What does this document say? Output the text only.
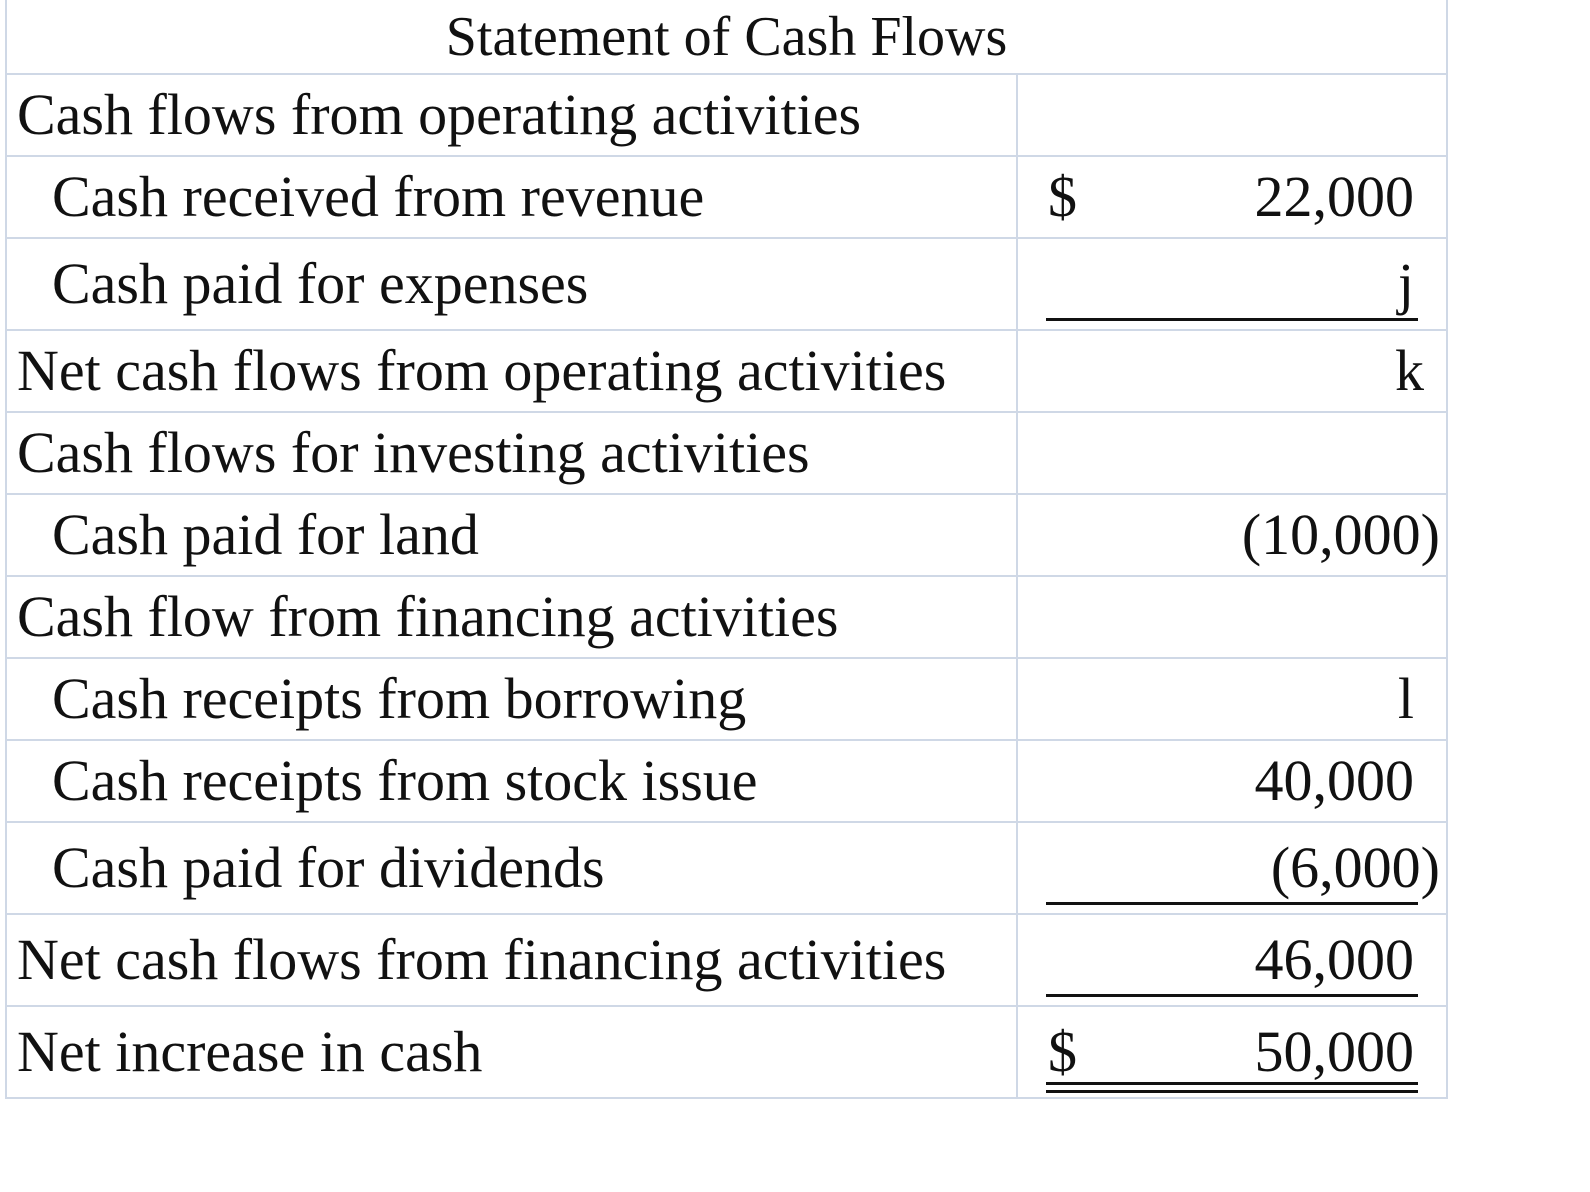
Statement of Cash Flows	
Cash flows from operating activities	
Cash received from revenue	$ 22,000

Cash paid for expenses	j

Net cash flows from operating activities	k

Cash flows for investing activities	
Cash paid for land	(10,000)

Cash flow from financing activities	
Cash receipts from borrowing	l

Cash receipts from stock issue	40,000

Cash paid for dividends	(6,000)

Net cash flows from financing activities	46,000

Net increase in cash	$ 50,000
